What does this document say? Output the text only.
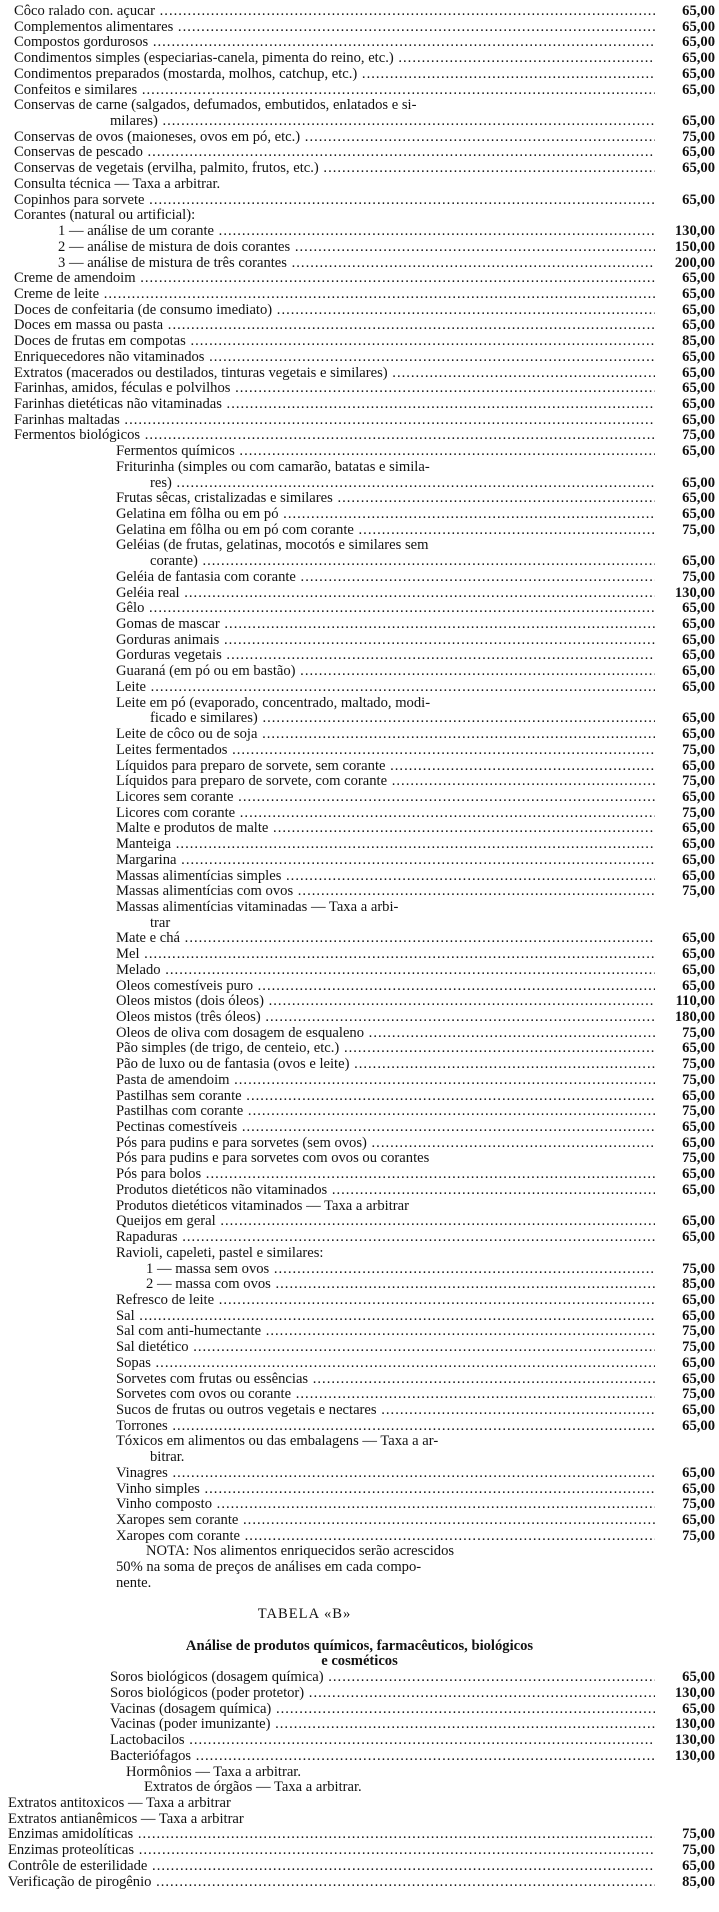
Côco ralado con. açucar .....	65,00
Complementos alimentares .....	65,00
Compostos gordurosos .....	65,00
Condimentos simples (especiarias-canela, pimenta do reino, etc.) .....	65,00
Condimentos preparados (mostarda, molhos, catchup, etc.) .....	65,00
Confeitos e similares .....	65,00
Conservas de carne (salgados, defumados, embutidos, enlatados e si-
milares) .....	65,00
Conservas de ovos (maioneses, ovos em pó, etc.) .....	75,00
Conservas de pescado .....	65,00
Conservas de vegetais (ervilha, palmito, frutos, etc.) .....	65,00
Consulta técnica — Taxa a arbitrar.
Copinhos para sorvete .....	65,00
Corantes (natural ou artificial):
1 — análise de um corante .....	130,00
2 — análise de mistura de dois corantes .....	150,00
3 — análise de mistura de três corantes .....	200,00
Creme de amendoim .....	65,00
Creme de leite .....	65,00
Doces de confeitaria (de consumo imediato) .....	65,00
Doces em massa ou pasta .....	65,00
Doces de frutas em compotas .....	85,00
Enriquecedores não vitaminados .....	65,00
Extratos (macerados ou destilados, tinturas vegetais e similares) .....	65,00
Farinhas, amidos, féculas e polvilhos .....	65,00
Farinhas dietéticas não vitaminadas .....	65,00
Farinhas maltadas .....	65,00
Fermentos biológicos .....	75,00
Fermentos químicos .....	65,00
Friturinha (simples ou com camarão, batatas e simila-
res) .....	65,00
Frutas sêcas, cristalizadas e similares .....	65,00
Gelatina em fôlha ou em pó .....	65,00
Gelatina em fôlha ou em pó com corante .....	75,00
Geléias (de frutas, gelatinas, mocotós e similares sem
corante) .....	65,00
Geléia de fantasia com corante .....	75,00
Geléia real .....	130,00
Gêlo .....	65,00
Gomas de mascar .....	65,00
Gorduras animais .....	65,00
Gorduras vegetais .....	65,00
Guaraná (em pó ou em bastão) .....	65,00
Leite .....	65,00
Leite em pó (evaporado, concentrado, maltado, modi-
ficado e similares) .....	65,00
Leite de côco ou de soja .....	65,00
Leites fermentados .....	75,00
Líquidos para preparo de sorvete, sem corante .....	65,00
Líquidos para preparo de sorvete, com corante .....	75,00
Licores sem corante .....	65,00
Licores com corante .....	75,00
Malte e produtos de malte .....	65,00
Manteiga .....	65,00
Margarina .....	65,00
Massas alimentícias simples .....	65,00
Massas alimentícias com ovos .....	75,00
Massas alimentícias vitaminadas — Taxa a arbi-
trar
Mate e chá .....	65,00
Mel .....	65,00
Melado .....	65,00
Óleos comestíveis puro .....	65,00
Óleos mistos (dois óleos) .....	110,00
Óleos mistos (três óleos) .....	180,00
Óleos de oliva com dosagem de esqualeno .....	75,00
Pão simples (de trigo, de centeio, etc.) .....	65,00
Pão de luxo ou de fantasia (ovos e leite) .....	75,00
Pasta de amendoim .....	75,00
Pastilhas sem corante .....	65,00
Pastilhas com corante .....	75,00
Pectinas comestíveis .....	65,00
Pós para pudins e para sorvetes (sem ovos) .....	65,00
Pós para pudins e para sorvetes com ovos ou corantes	75,00
Pós para bolos .....	65,00
Produtos dietéticos não vitaminados .....	65,00
Produtos dietéticos vitaminados — Taxa a arbitrar
Queijos em geral .....	65,00
Rapaduras .....	65,00
Ravioli, capeleti, pastel e similares:
1 — massa sem ovos .....	75,00
2 — massa com ovos .....	85,00
Refresco de leite .....	65,00
Sal .....	65,00
Sal com anti-humectante .....	75,00
Sal dietético .....	75,00
Sopas .....	65,00
Sorvetes com frutas ou essências .....	65,00
Sorvetes com ovos ou corante .....	75,00
Sucos de frutas ou outros vegetais e nectares .....	65,00
Torrones .....	65,00
Tóxicos em alimentos ou das embalagens — Taxa a ar-
bitrar.
Vinagres .....	65,00
Vinho simples .....	65,00
Vinho composto .....	75,00
Xaropes sem corante .....	65,00
Xaropes com corante .....	75,00
NOTA: Nos alimentos enriquecidos serão acrescidos
50% na soma de preços de análises em cada compo-
nente.
TABELA «B»
Análise de produtos químicos, farmacêuticos, biológicos
e cosméticos
Soros biológicos (dosagem química) .....	65,00
Soros biológicos (poder protetor) .....	130,00
Vacinas (dosagem química) .....	65,00
Vacinas (poder imunizante) .....	130,00
Lactobacilos .....	130,00
Bacteriófagos .....	130,00
Hormônios — Taxa a arbitrar.
Extratos de órgãos — Taxa a arbitrar.
Extratos antitoxicos — Taxa a arbitrar
Extratos antianêmicos — Taxa a arbitrar
Enzimas amidolíticas .....	75,00
Enzimas proteolíticas .....	75,00
Contrôle de esterilidade .....	65,00
Verificação de pirogênio .....	85,00
